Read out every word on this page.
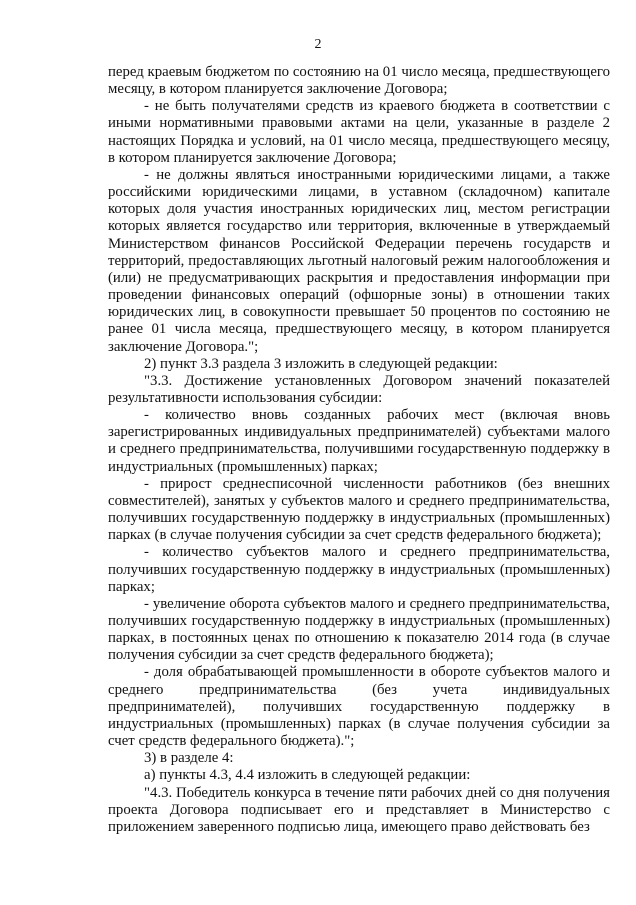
2

перед краевым бюджетом по состоянию на 01 число месяца, предшествующего месяцу, в котором планируется заключение Договора;

- не быть получателями средств из краевого бюджета в соответствии с иными нормативными правовыми актами на цели, указанные в разделе 2 настоящих Порядка и условий, на 01 число месяца, предшествующего месяцу, в котором планируется заключение Договора;

- не должны являться иностранными юридическими лицами, а также российскими юридическими лицами, в уставном (складочном) капитале которых доля участия иностранных юридических лиц, местом регистрации которых является государство или территория, включенные в утверждаемый Министерством финансов Российской Федерации перечень государств и территорий, предоставляющих льготный налоговый режим налогообложения и (или) не предусматривающих раскрытия и предоставления информации при проведении финансовых операций (офшорные зоны) в отношении таких юридических лиц, в совокупности превышает 50 процентов по состоянию не ранее 01 числа месяца, предшествующего месяцу, в котором планируется заключение Договора.";

2) пункт 3.3 раздела 3 изложить в следующей редакции:

"3.3. Достижение установленных Договором значений показателей результативности использования субсидии:

- количество вновь созданных рабочих мест (включая вновь зарегистрированных индивидуальных предпринимателей) субъектами малого и среднего предпринимательства, получившими государственную поддержку в индустриальных (промышленных) парках;

- прирост среднесписочной численности работников (без внешних совместителей), занятых у субъектов малого и среднего предпринимательства, получивших государственную поддержку в индустриальных (промышленных) парках (в случае получения субсидии за счет средств федерального бюджета);

- количество субъектов малого и среднего предпринимательства, получивших государственную поддержку в индустриальных (промышленных) парках;

- увеличение оборота субъектов малого и среднего предпринимательства, получивших государственную поддержку в индустриальных (промышленных) парках, в постоянных ценах по отношению к показателю 2014 года (в случае получения субсидии за счет средств федерального бюджета);

- доля обрабатывающей промышленности в обороте субъектов малого и среднего предпринимательства (без учета индивидуальных предпринимателей), получивших государственную поддержку в индустриальных (промышленных) парках (в случае получения субсидии за счет средств федерального бюджета).";

3) в разделе 4:

а) пункты 4.3, 4.4 изложить в следующей редакции:

"4.3. Победитель конкурса в течение пяти рабочих дней со дня получения проекта Договора подписывает его и представляет в Министерство с приложением заверенного подписью лица, имеющего право действовать без
